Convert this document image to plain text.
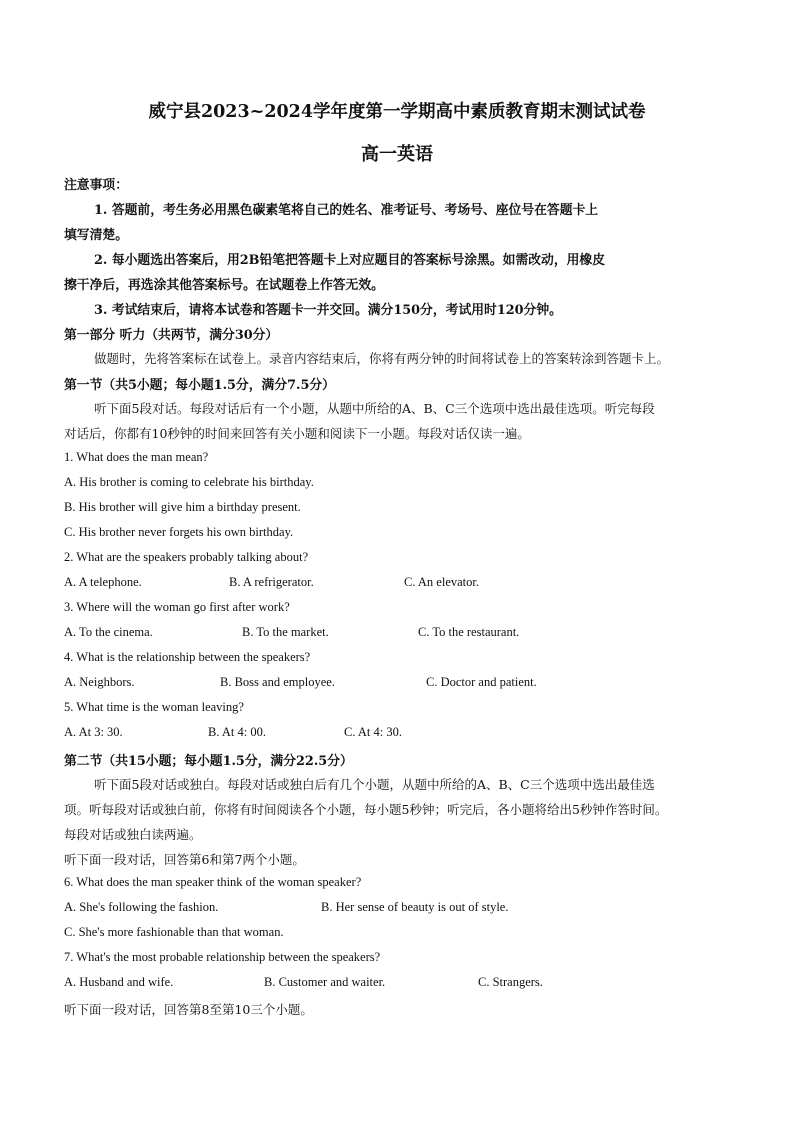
威宁县2023~2024学年度第一学期高中素质教育期末测试试卷
高一英语
注意事项：
1. 答题前，考生务必用黑色碳素笔将自己的姓名、准考证号、考场号、座位号在答题卡上
填写清楚。
2. 每小题选出答案后，用2B铅笔把答题卡上对应题目的答案标号涂黑。如需改动，用橡皮
擦干净后，再选涂其他答案标号。在试题卷上作答无效。
3. 考试结束后，请将本试卷和答题卡一并交回。满分150分，考试用时120分钟。
第一部分 听力（共两节，满分30分）
做题时，先将答案标在试卷上。录音内容结束后，你将有两分钟的时间将试卷上的答案转涂到答题卡上。
第一节（共5小题；每小题1.5分，满分7.5分）
听下面5段对话。每段对话后有一个小题，从题中所给的A、B、C三个选项中选出最佳选项。听完每段
对话后，你都有10秒钟的时间来回答有关小题和阅读下一小题。每段对话仅读一遍。
1. What does the man mean?
A. His brother is coming to celebrate his birthday.
B. His brother will give him a birthday present.
C. His brother never forgets his own birthday.
2. What are the speakers probably talking about?
A. A telephone.	B. A refrigerator.	C. An elevator.
3. Where will the woman go first after work?
A. To the cinema.	B. To the market.	C. To the restaurant.
4. What is the relationship between the speakers?
A. Neighbors.	B. Boss and employee.	C. Doctor and patient.
5. What time is the woman leaving?
A. At 3: 30.	B. At 4: 00.	C. At 4: 30.
第二节（共15小题；每小题1.5分，满分22.5分）
听下面5段对话或独白。每段对话或独白后有几个小题，从题中所给的A、B、C三个选项中选出最佳选
项。听每段对话或独白前，你将有时间阅读各个小题，每小题5秒钟；听完后，各小题将给出5秒钟作答时间。
每段对话或独白读两遍。
听下面一段对话，回答第6和第7两个小题。
6. What does the man speaker think of the woman speaker?
A. She's following the fashion.	B. Her sense of beauty is out of style.
C. She's more fashionable than that woman.
7. What's the most probable relationship between the speakers?
A. Husband and wife.	B. Customer and waiter.	C. Strangers.
听下面一段对话，回答第8至第10三个小题。
